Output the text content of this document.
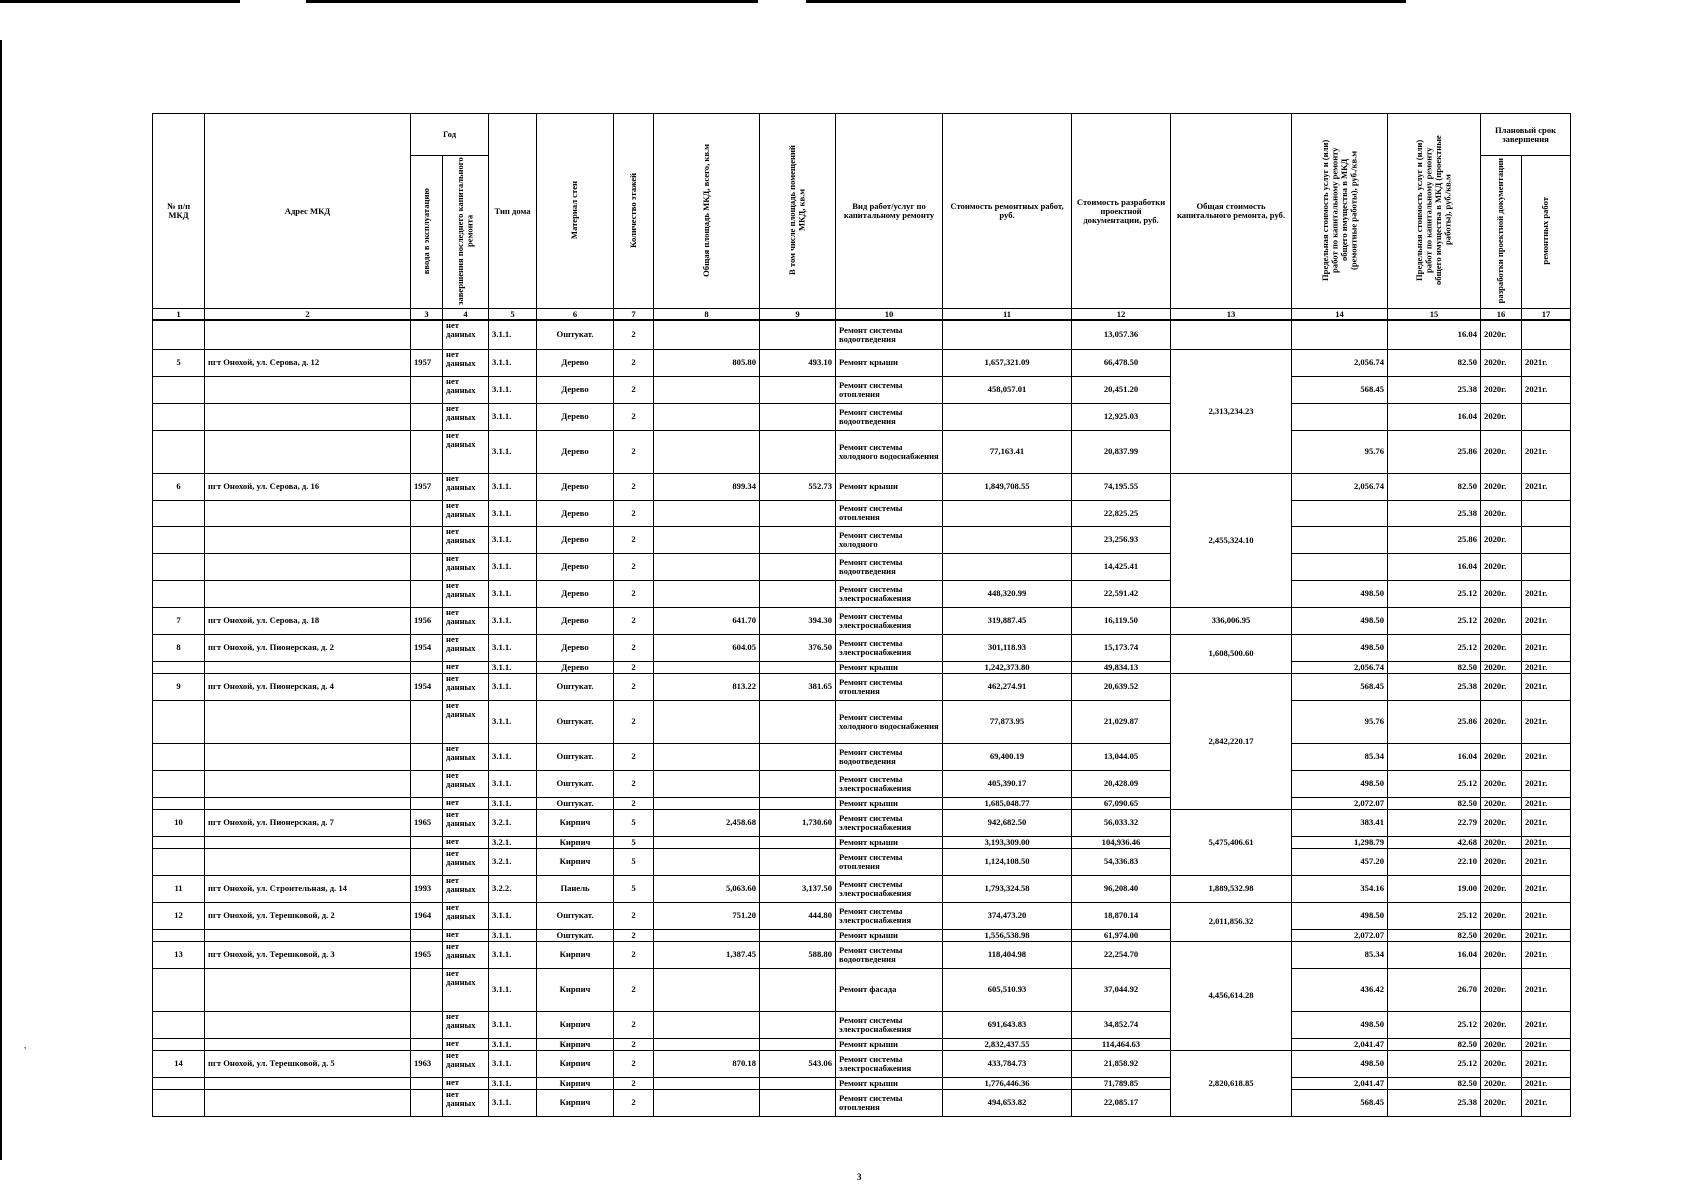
№ п/п МКД	Адрес МКД	Год		Тип дома	Материал стен	Количество этажей	Общая площадь МКД, всего, кв.м	В том числе площадь помещений МКД, кв.м	Вид работ/услуг по капитальному ремонту	Стоимость ремонтных работ, руб.	Стоимость разработки проектной документации, руб.	Общая стоимость капитального ремонта, руб.	Предельная стоимость услуг и (или) работ по капитальному ремонту общего имущества в МКД (ремонтные работы), руб./кв.м	Предельная стоимость услуг и (или) работ по капитальному ремонту общего имущества в МКД (проектные работы), руб./кв.м	Плановый срок завершения	
		ввода в эксплуатацию	завершения последнего капитального ремонта												разработки проектной документации	ремонтных работ
1	2	3	4	5	6	7	8	9	10	11	12	13	14	15	16	17
			нет данных	3.1.1.	Оштукат.	2			Ремонт системы водоотведения		13,057.36			16.04	2020г.	
5	пгт Онохой, ул. Серова, д. 12	1957	нет данных	3.1.1.	Дерево	2	805.80	493.10	Ремонт крыши	1,657,321.09	66,478.50	2,313,234.23	2,056.74	82.50	2020г.	2021г.
			нет данных	3.1.1.	Дерево	2			Ремонт системы отопления	458,057.01	20,451.20		568.45	25.38	2020г.	2021г.
			нет данных	3.1.1.	Дерево	2			Ремонт системы водоотведения		12,925.03			16.04	2020г.	
			нет данных	3.1.1.	Дерево	2			Ремонт системы холодного водоснабжения	77,163.41	20,837.99		95.76	25.86	2020г.	2021г.
6	пгт Онохой, ул. Серова, д. 16	1957	нет данных	3.1.1.	Дерево	2	899.34	552.73	Ремонт крыши	1,849,708.55	74,195.55	2,455,324.10	2,056.74	82.50	2020г.	2021г.
			нет данных	3.1.1.	Дерево	2			Ремонт системы отопления		22,825.25			25.38	2020г.	
			нет данных	3.1.1.	Дерево	2			Ремонт системы холодного		23,256.93			25.86	2020г.	
			нет данных	3.1.1.	Дерево	2			Ремонт системы водоотведения		14,425.41			16.04	2020г.	
			нет данных	3.1.1.	Дерево	2			Ремонт системы электроснабжения	448,320.99	22,591.42		498.50	25.12	2020г.	2021г.
7	пгт Онохой, ул. Серова, д. 18	1956	нет данных	3.1.1.	Дерево	2	641.70	394.30	Ремонт системы электроснабжения	319,887.45	16,119.50	336,006.95	498.50	25.12	2020г.	2021г.
8	пгт Онохой, ул. Пионерская, д. 2	1954	нет данных	3.1.1.	Дерево	2	604.05	376.50	Ремонт системы электроснабжения	301,118.93	15,173.74	1,608,500.60	498.50	25.12	2020г.	2021г.
			нет	3.1.1.	Дерево	2			Ремонт крыши	1,242,373.80	49,834.13		2,056.74	82.50	2020г.	2021г.
9	пгт Онохой, ул. Пионерская, д. 4	1954	нет данных	3.1.1.	Оштукат.	2	813.22	381.65	Ремонт системы отопления	462,274.91	20,639.52	2,842,220.17	568.45	25.38	2020г.	2021г.
			нет данных	3.1.1.	Оштукат.	2			Ремонт системы холодного водоснабжения	77,873.95	21,029.87		95.76	25.86	2020г.	2021г.
			нет данных	3.1.1.	Оштукат.	2			Ремонт системы водоотведения	69,400.19	13,044.05		85.34	16.04	2020г.	2021г.
			нет данных	3.1.1.	Оштукат.	2			Ремонт системы электроснабжения	405,390.17	20,428.09		498.50	25.12	2020г.	2021г.
			нет	3.1.1.	Оштукат.	2			Ремонт крыши	1,685,048.77	67,090.65		2,072.07	82.50	2020г.	2021г.
10	пгт Онохой, ул. Пионерская, д. 7	1965	нет данных	3.2.1.	Кирпич	5	2,458.68	1,730.60	Ремонт системы электроснабжения	942,682.50	56,033.32	5,475,406.61	383.41	22.79	2020г.	2021г.
			нет	3.2.1.	Кирпич	5			Ремонт крыши	3,193,309.00	104,936.46		1,298.79	42.68	2020г.	2021г.
			нет данных	3.2.1.	Кирпич	5			Ремонт системы отопления	1,124,108.50	54,336.83		457.20	22.10	2020г.	2021г.
11	пгт Онохой, ул. Строительная, д. 14	1993	нет данных	3.2.2.	Панель	5	5,063.60	3,137.50	Ремонт системы электроснабжения	1,793,324.58	96,208.40	1,889,532.98	354.16	19.00	2020г.	2021г.
12	пгт Онохой, ул. Терешковой, д. 2	1964	нет данных	3.1.1.	Оштукат.	2	751.20	444.80	Ремонт системы электроснабжения	374,473.20	18,870.14	2,011,856.32	498.50	25.12	2020г.	2021г.
			нет	3.1.1.	Оштукат.	2			Ремонт крыши	1,556,538.98	61,974.00		2,072.07	82.50	2020г.	2021г.
13	пгт Онохой, ул. Терешковой, д. 3	1965	нет данных	3.1.1.	Кирпич	2	1,387.45	588.80	Ремонт системы водоотведения	118,404.98	22,254.70	4,456,614.28	85.34	16.04	2020г.	2021г.
			нет данных	3.1.1.	Кирпич	2			Ремонт фасада	605,510.93	37,044.92		436.42	26.70	2020г.	2021г.
			нет данных	3.1.1.	Кирпич	2			Ремонт системы электроснабжения	691,643.83	34,852.74		498.50	25.12	2020г.	2021г.
			нет	3.1.1.	Кирпич	2			Ремонт крыши	2,832,437.55	114,464.63		2,041.47	82.50	2020г.	2021г.
14	пгт Онохой, ул. Терешковой, д. 5	1963	нет данных	3.1.1.	Кирпич	2	870.18	543.06	Ремонт системы электроснабжения	433,784.73	21,858.92	2,820,618.85	498.50	25.12	2020г.	2021г.
			нет	3.1.1.	Кирпич	2			Ремонт крыши	1,776,446.36	71,789.85		2,041.47	82.50	2020г.	2021г.
			нет данных	3.1.1.	Кирпич	2			Ремонт системы отопления	494,653.82	22,085.17		568.45	25.38	2020г.	2021г.
,
3
